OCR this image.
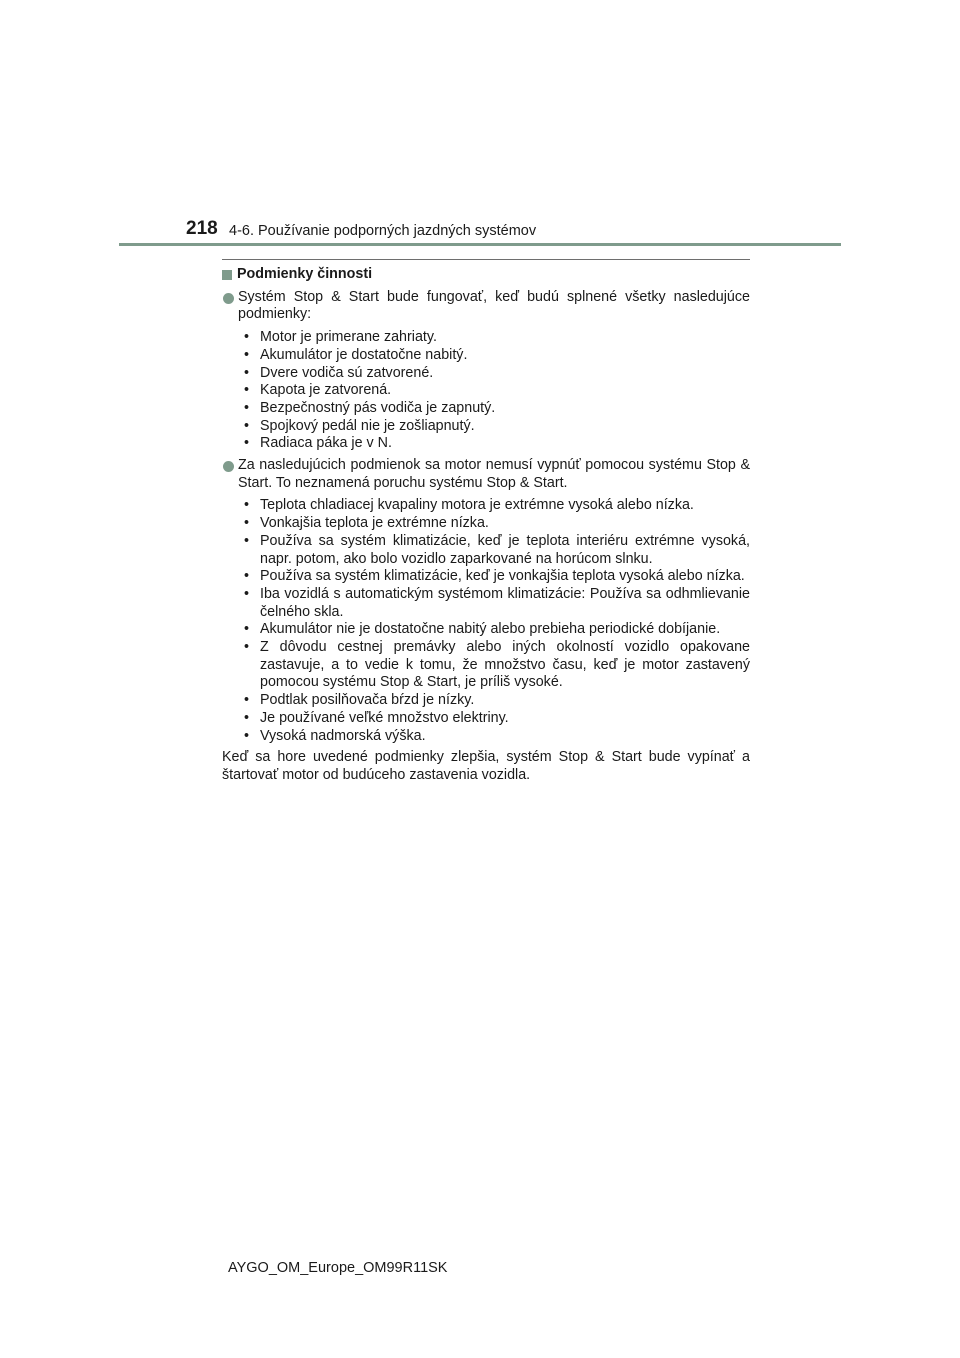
218 4-6. Používanie podporných jazdných systémov
Podmienky činnosti
Systém Stop & Start bude fungovať, keď budú splnené všetky nasledujúce podmienky:
• Motor je primerane zahriaty.
• Akumulátor je dostatočne nabitý.
• Dvere vodiča sú zatvorené.
• Kapota je zatvorená.
• Bezpečnostný pás vodiča je zapnutý.
• Spojkový pedál nie je zošliapnutý.
• Radiaca páka je v N.
Za nasledujúcich podmienok sa motor nemusí vypnúť pomocou systému Stop & Start. To neznamená poruchu systému Stop & Start.
• Teplota chladiacej kvapaliny motora je extrémne vysoká alebo nízka.
• Vonkajšia teplota je extrémne nízka.
• Používa sa systém klimatizácie, keď je teplota interiéru extrémne vysoká, napr. potom, ako bolo vozidlo zaparkované na horúcom slnku.
• Používa sa systém klimatizácie, keď je vonkajšia teplota vysoká alebo nízka.
• Iba vozidlá s automatickým systémom klimatizácie: Používa sa odhmlievanie čelného skla.
• Akumulátor nie je dostatočne nabitý alebo prebieha periodické dobíjanie.
• Z dôvodu cestnej premávky alebo iných okolností vozidlo opakovane zastavuje, a to vedie k tomu, že množstvo času, keď je motor zastavený pomocou systému Stop & Start, je príliš vysoké.
• Podtlak posilňovača bŕzd je nízky.
• Je používané veľké množstvo elektriny.
• Vysoká nadmorská výška.

Keď sa hore uvedené podmienky zlepšia, systém Stop & Start bude vypínať a štartovať motor od budúceho zastavenia vozidla.

AYGO_OM_Europe_OM99R11SK
